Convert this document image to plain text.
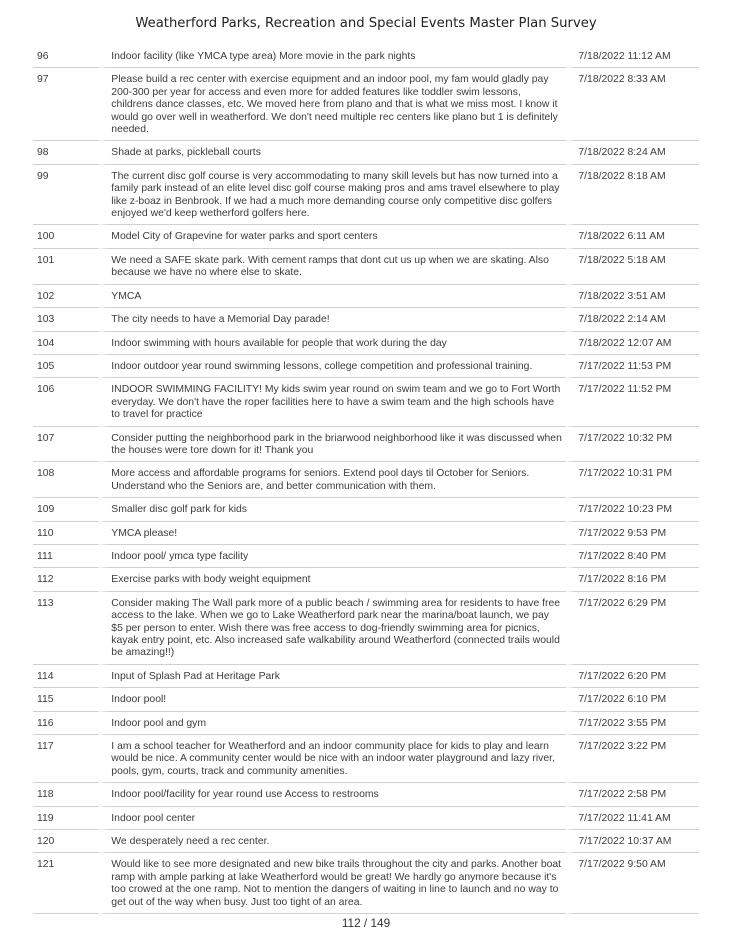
Weatherford Parks, Recreation and Special Events Master Plan Survey
96	Indoor facility (like YMCA type area) More movie in the park nights	7/18/2022 11:12 AM
97	Please build a rec center with exercise equipment and an indoor pool, my fam would gladly pay 200-300 per year for access and even more for added features like toddler swim lessons, childrens dance classes, etc. We moved here from plano and that is what we miss most. I know it would go over well in weatherford. We don't need multiple rec centers like plano but 1 is definitely needed.	7/18/2022 8:33 AM
98	Shade at parks, pickleball courts	7/18/2022 8:24 AM
99	The current disc golf course is very accommodating to many skill levels but has now turned into a family park instead of an elite level disc golf course making pros and ams travel elsewhere to play like z-boaz in Benbrook. If we had a much more demanding course only competitive disc golfers enjoyed we'd keep wetherford golfers here.	7/18/2022 8:18 AM
100	Model City of Grapevine for water parks and sport centers	7/18/2022 6:11 AM
101	We need a SAFE skate park. With cement ramps that dont cut us up when we are skating. Also because we have no where else to skate.	7/18/2022 5:18 AM
102	YMCA	7/18/2022 3:51 AM
103	The city needs to have a Memorial Day parade!	7/18/2022 2:14 AM
104	Indoor swimming with hours available for people that work during the day	7/18/2022 12:07 AM
105	Indoor outdoor year round swimming lessons, college competition and professional training.	7/17/2022 11:53 PM
106	INDOOR SWIMMING FACILITY! My kids swim year round on swim team and we go to Fort Worth everyday. We don't have the roper facilities here to have a swim team and the high schools have to travel for practice	7/17/2022 11:52 PM
107	Consider putting the neighborhood park in the briarwood neighborhood like it was discussed when the houses were tore down for it! Thank you	7/17/2022 10:32 PM
108	More access and affordable programs for seniors. Extend pool days til October for Seniors. Understand who the Seniors are, and better communication with them.	7/17/2022 10:31 PM
109	Smaller disc golf park for kids	7/17/2022 10:23 PM
110	YMCA please!	7/17/2022 9:53 PM
111	Indoor pool/ ymca type facility	7/17/2022 8:40 PM
112	Exercise parks with body weight equipment	7/17/2022 8:16 PM
113	Consider making The Wall park more of a public beach / swimming area for residents to have free access to the lake. When we go to Lake Weatherford park near the marina/boat launch, we pay $5 per person to enter. Wish there was free access to dog-friendly swimming area for picnics, kayak entry point, etc. Also increased safe walkability around Weatherford (connected trails would be amazing!!)	7/17/2022 6:29 PM
114	Input of Splash Pad at Heritage Park	7/17/2022 6:20 PM
115	Indoor pool!	7/17/2022 6:10 PM
116	Indoor pool and gym	7/17/2022 3:55 PM
117	I am a school teacher for Weatherford and an indoor community place for kids to play and learn would be nice. A community center would be nice with an indoor water playground and lazy river, pools, gym, courts, track and community amenities.	7/17/2022 3:22 PM
118	Indoor pool/facility for year round use Access to restrooms	7/17/2022 2:58 PM
119	Indoor pool center	7/17/2022 11:41 AM
120	We desperately need a rec center.	7/17/2022 10:37 AM
121	Would like to see more designated and new bike trails throughout the city and parks. Another boat ramp with ample parking at lake Weatherford would be great! We hardly go anymore because it's too crowed at the one ramp. Not to mention the dangers of waiting in line to launch and no way to get out of the way when busy. Just too tight of an area.	7/17/2022 9:50 AM
112 / 149
